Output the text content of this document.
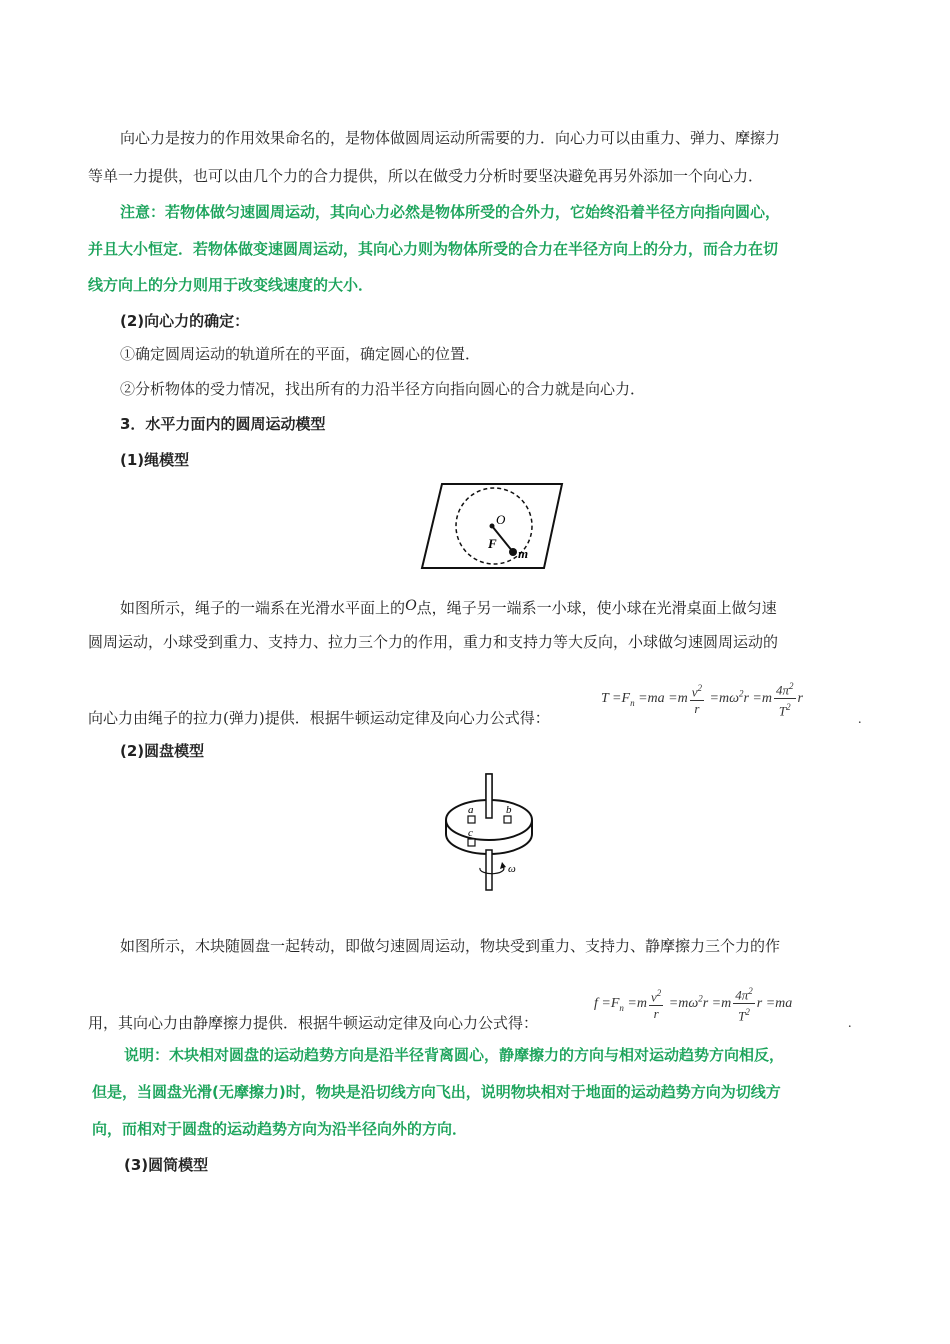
向心力是按力的作用效果命名的，是物体做圆周运动所需要的力．向心力可以由重力、弹力、摩擦力
等单一力提供，也可以由几个力的合力提供，所以在做受力分析时要坚决避免再另外添加一个向心力．
注意：若物体做匀速圆周运动，其向心力必然是物体所受的合外力，它始终沿着半径方向指向圆心，
并且大小恒定．若物体做变速圆周运动，其向心力则为物体所受的合力在半径方向上的分力，而合力在切
线方向上的分力则用于改变线速度的大小．
(2)向心力的确定：
①确定圆周运动的轨道所在的平面，确定圆心的位置．
②分析物体的受力情况，找出所有的力沿半径方向指向圆心的合力就是向心力．
3．水平力面内的圆周运动模型
(1)绳模型
O
F
m
如图所示，绳子的一端系在光滑水平面上的O点，绳子另一端系一小球，使小球在光滑桌面上做匀速
圆周运动，小球受到重力、支持力、拉力三个力的作用，重力和支持力等大反向，小球做匀速圆周运动的
向心力由绳子的拉力(弹力)提供．根据牛顿运动定律及向心力公式得：
$T =F_n =ma =m \frac{v^2}{r} =m\omega^2r =m \frac{4\pi^2}{T^2}$ r
.
(2)圆盘模型
a	b
c
ω
如图所示，木块随圆盘一起转动，即做匀速圆周运动，物块受到重力、支持力、静摩擦力三个力的作
用，其向心力由静摩擦力提供．根据牛顿运动定律及向心力公式得：
$f =F_n =m \frac{v^2}{r} =m\omega^2r =m \frac{4\pi^2}{T^2}$ r =ma
.
说明：木块相对圆盘的运动趋势方向是沿半径背离圆心，静摩擦力的方向与相对运动趋势方向相反，
但是，当圆盘光滑(无摩擦力)时，物块是沿切线方向飞出，说明物块相对于地面的运动趋势方向为切线方
向，而相对于圆盘的运动趋势方向为沿半径向外的方向．
(3)圆筒模型
